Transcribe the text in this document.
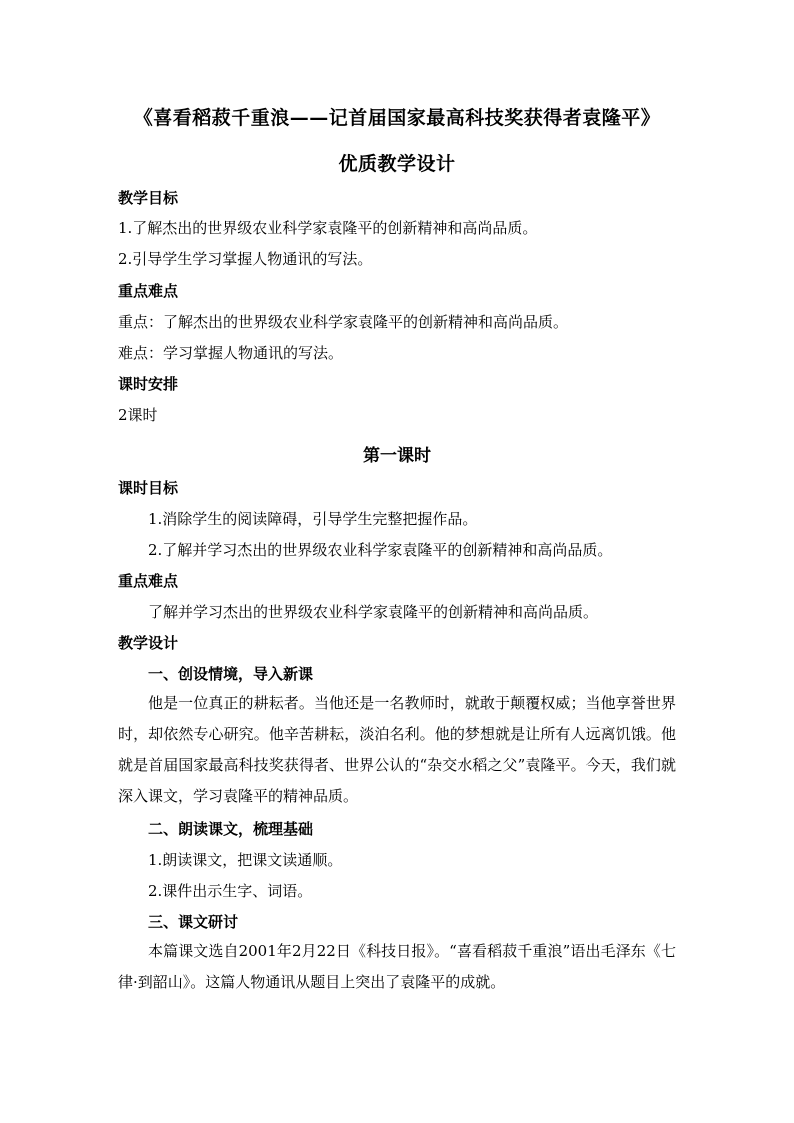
《喜看稻菽千重浪——记首届国家最高科技奖获得者袁隆平》
优质教学设计
教学目标
1.了解杰出的世界级农业科学家袁隆平的创新精神和高尚品质。
2.引导学生学习掌握人物通讯的写法。
重点难点
重点：了解杰出的世界级农业科学家袁隆平的创新精神和高尚品质。
难点：学习掌握人物通讯的写法。
课时安排
2课时
第一课时
课时目标
1.消除学生的阅读障碍，引导学生完整把握作品。
2.了解并学习杰出的世界级农业科学家袁隆平的创新精神和高尚品质。
重点难点
了解并学习杰出的世界级农业科学家袁隆平的创新精神和高尚品质。
教学设计
一、创设情境，导入新课
他是一位真正的耕耘者。当他还是一名教师时，就敢于颠覆权威；当他享誉世界时，却依然专心研究。他辛苦耕耘，淡泊名利。他的梦想就是让所有人远离饥饿。他就是首届国家最高科技奖获得者、世界公认的“杂交水稻之父”袁隆平。今天，我们就深入课文，学习袁隆平的精神品质。
二、朗读课文，梳理基础
1.朗读课文，把课文读通顺。
2.课件出示生字、词语。
三、课文研讨
本篇课文选自2001年2月22日《科技日报》。“喜看稻菽千重浪”语出毛泽东《七律·到韶山》。这篇人物通讯从题目上突出了袁隆平的成就。
